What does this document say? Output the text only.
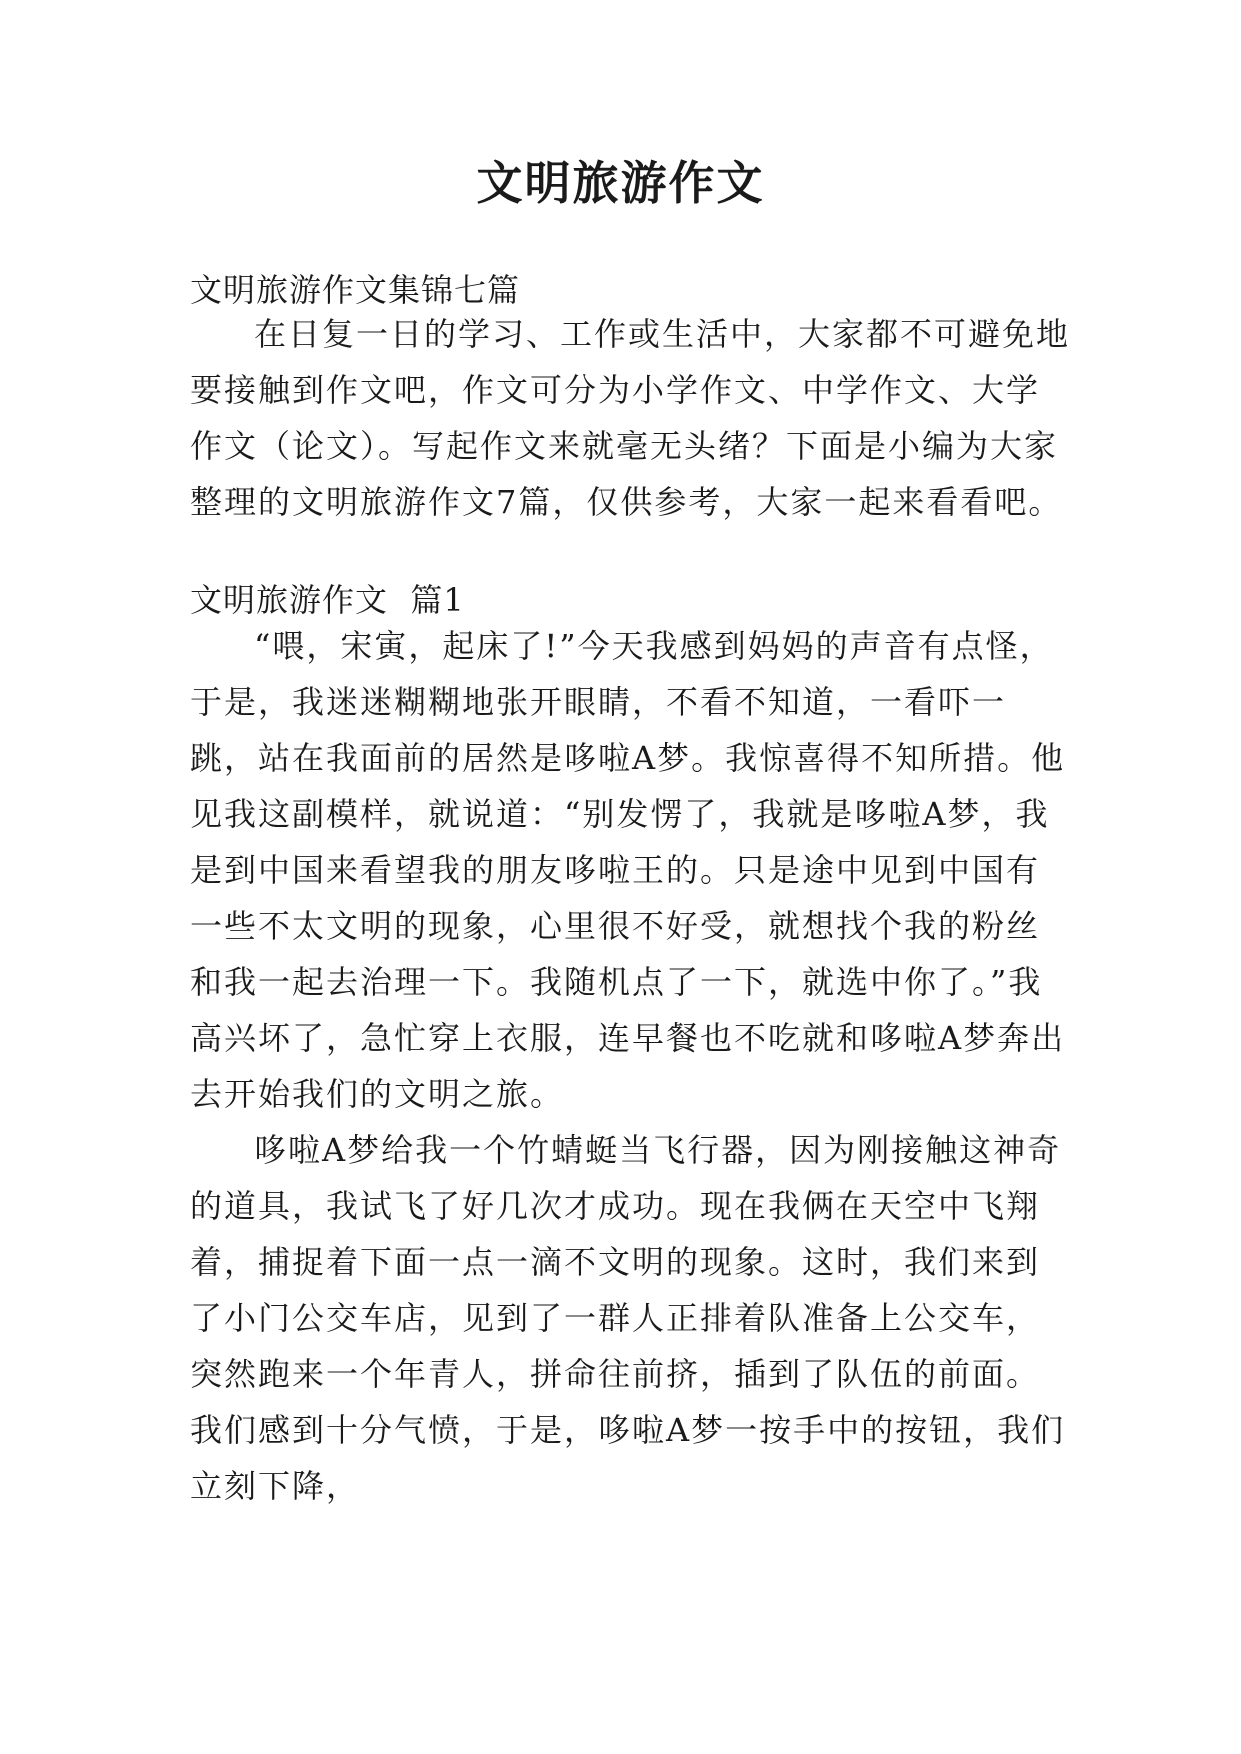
文明旅游作文
文明旅游作文集锦七篇

在日复一日的学习、工作或生活中，大家都不可避免地要接触到作文吧，作文可分为小学作文、中学作文、大学作文（论文）。写起作文来就毫无头绪？下面是小编为大家整理的文明旅游作文7篇，仅供参考，大家一起来看看吧。

文明旅游作文  篇1

“喂，宋寅，起床了!”今天我感到妈妈的声音有点怪，于是，我迷迷糊糊地张开眼睛，不看不知道，一看吓一跳，站在我面前的居然是哆啦A梦。我惊喜得不知所措。他见我这副模样，就说道：“别发愣了，我就是哆啦A梦，我是到中国来看望我的朋友哆啦王的。只是途中见到中国有一些不太文明的现象，心里很不好受，就想找个我的粉丝和我一起去治理一下。我随机点了一下，就选中你了。”我高兴坏了，急忙穿上衣服，连早餐也不吃就和哆啦A梦奔出去开始我们的文明之旅。

哆啦A梦给我一个竹蜻蜓当飞行器，因为刚接触这神奇的道具，我试飞了好几次才成功。现在我俩在天空中飞翔着，捕捉着下面一点一滴不文明的现象。这时，我们来到了小门公交车店，见到了一群人正排着队准备上公交车，突然跑来一个年青人，拼命往前挤，插到了队伍的前面。我们感到十分气愤，于是，哆啦A梦一按手中的按钮，我们立刻下降，
